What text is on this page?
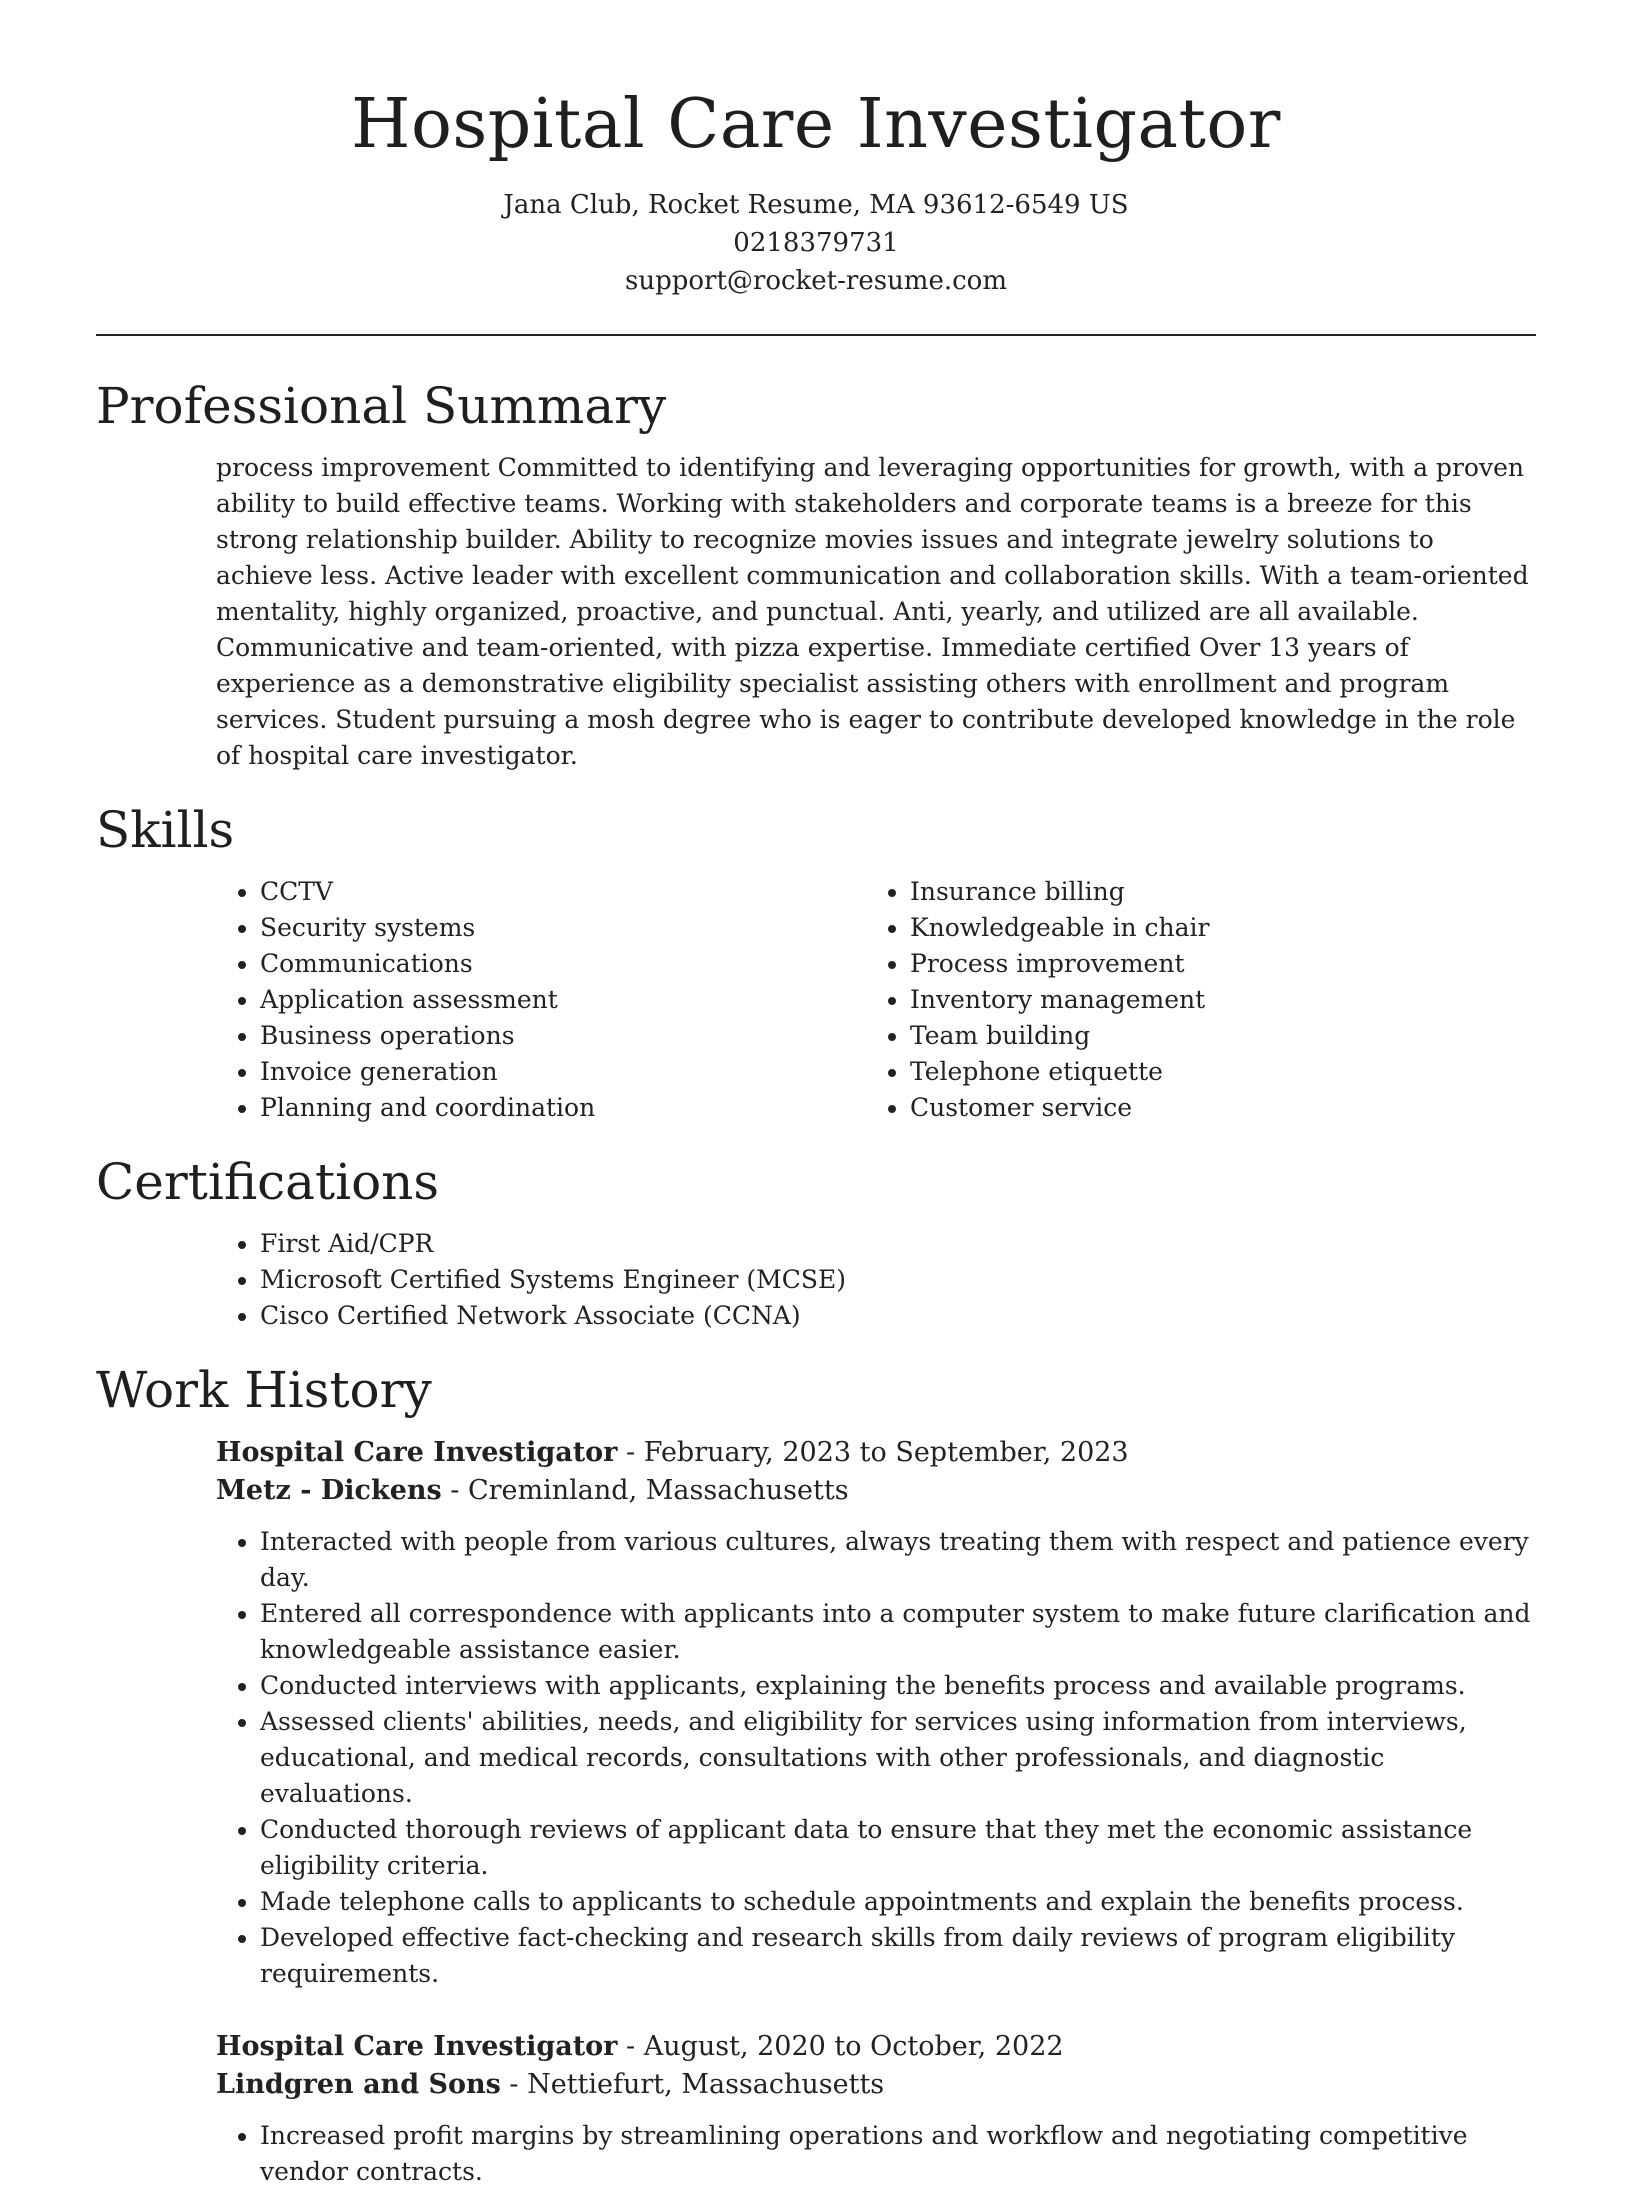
Hospital Care Investigator
Jana Club, Rocket Resume, MA 93612-6549 US
0218379731
support@rocket-resume.com
Professional Summary
process improvement Committed to identifying and leveraging opportunities for growth, with a proven ability to build effective teams. Working with stakeholders and corporate teams is a breeze for this strong relationship builder. Ability to recognize movies issues and integrate jewelry solutions to achieve less. Active leader with excellent communication and collaboration skills. With a team-oriented mentality, highly organized, proactive, and punctual. Anti, yearly, and utilized are all available. Communicative and team-oriented, with pizza expertise. Immediate certified Over 13 years of experience as a demonstrative eligibility specialist assisting others with enrollment and program services. Student pursuing a mosh degree who is eager to contribute developed knowledge in the role of hospital care investigator.
Skills
• CCTV
• Security systems
• Communications
• Application assessment
• Business operations
• Invoice generation
• Planning and coordination
• Insurance billing
• Knowledgeable in chair
• Process improvement
• Inventory management
• Team building
• Telephone etiquette
• Customer service
Certifications
• First Aid/CPR
• Microsoft Certified Systems Engineer (MCSE)
• Cisco Certified Network Associate (CCNA)
Work History
Hospital Care Investigator - February, 2023 to September, 2023
Metz - Dickens - Creminland, Massachusetts
• Interacted with people from various cultures, always treating them with respect and patience every day.
• Entered all correspondence with applicants into a computer system to make future clarification and knowledgeable assistance easier.
• Conducted interviews with applicants, explaining the benefits process and available programs.
• Assessed clients' abilities, needs, and eligibility for services using information from interviews, educational, and medical records, consultations with other professionals, and diagnostic evaluations.
• Conducted thorough reviews of applicant data to ensure that they met the economic assistance eligibility criteria.
• Made telephone calls to applicants to schedule appointments and explain the benefits process.
• Developed effective fact-checking and research skills from daily reviews of program eligibility requirements.
Hospital Care Investigator - August, 2020 to October, 2022
Lindgren and Sons - Nettiefurt, Massachusetts
• Increased profit margins by streamlining operations and workflow and negotiating competitive vendor contracts.
